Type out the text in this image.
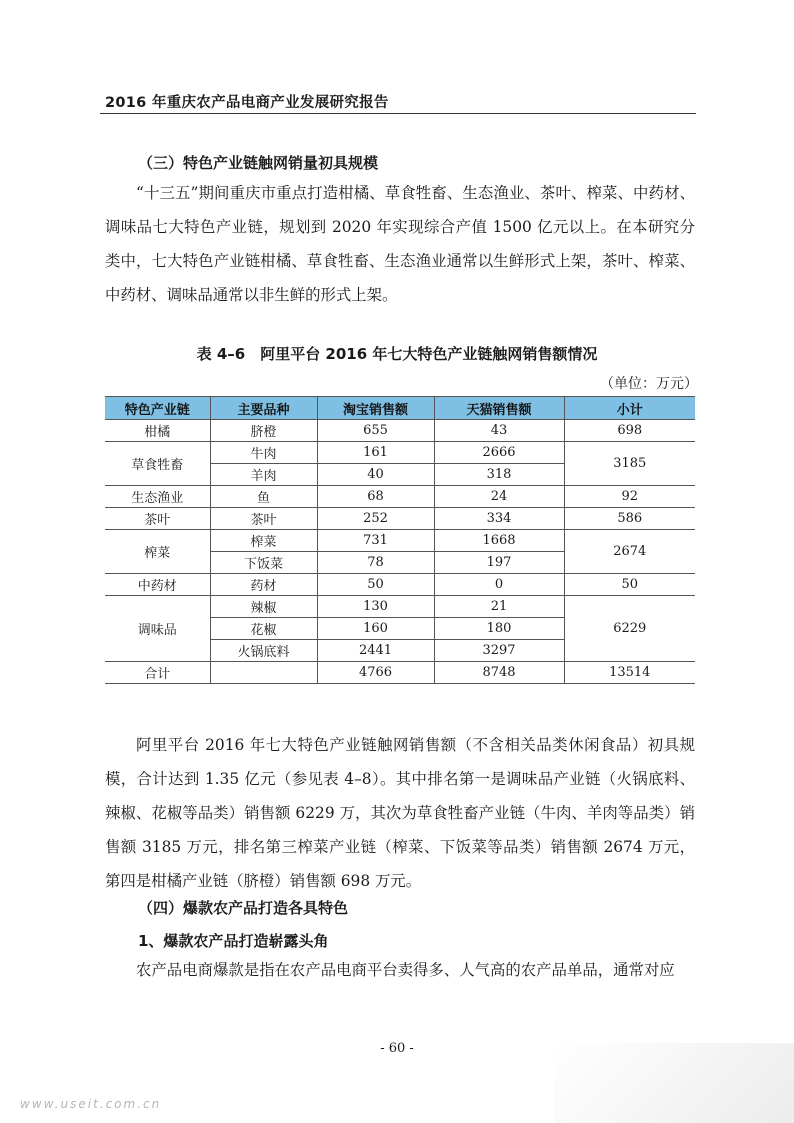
2016 年重庆农产品电商产业发展研究报告
（三）特色产业链触网销量初具规模

“十三五”期间重庆市重点打造柑橘、草食牲畜、生态渔业、茶叶、榨菜、中药材、调味品七大特色产业链，规划到 2020 年实现综合产值 1500 亿元以上。在本研究分类中，七大特色产业链柑橘、草食牲畜、生态渔业通常以生鲜形式上架，茶叶、榨菜、中药材、调味品通常以非生鲜的形式上架。

表 4–6　阿里平台 2016 年七大特色产业链触网销售额情况
（单位：万元）
特色产业链	主要品种	淘宝销售额	天猫销售额	小计
柑橘	脐橙	655	43	698
草食牲畜	牛肉	161	2666	3185
	羊肉	40	318	
生态渔业	鱼	68	24	92
茶叶	茶叶	252	334	586
榨菜	榨菜	731	1668	2674
	下饭菜	78	197	
中药材	药材	50	0	50
调味品	辣椒	130	21	6229
	花椒	160	180	
	火锅底料	2441	3297	
合计		4766	8748	13514

阿里平台 2016 年七大特色产业链触网销售额（不含相关品类休闲食品）初具规模，合计达到 1.35 亿元（参见表 4–8）。其中排名第一是调味品产业链（火锅底料、辣椒、花椒等品类）销售额 6229 万，其次为草食牲畜产业链（牛肉、羊肉等品类）销售额 3185 万元，排名第三榨菜产业链（榨菜、下饭菜等品类）销售额 2674 万元，第四是柑橘产业链（脐橙）销售额 698 万元。

（四）爆款农产品打造各具特色
1、爆款农产品打造崭露头角

农产品电商爆款是指在农产品电商平台卖得多、人气高的农产品单品，通常对应

- 60 -
www.useit.com.cn
